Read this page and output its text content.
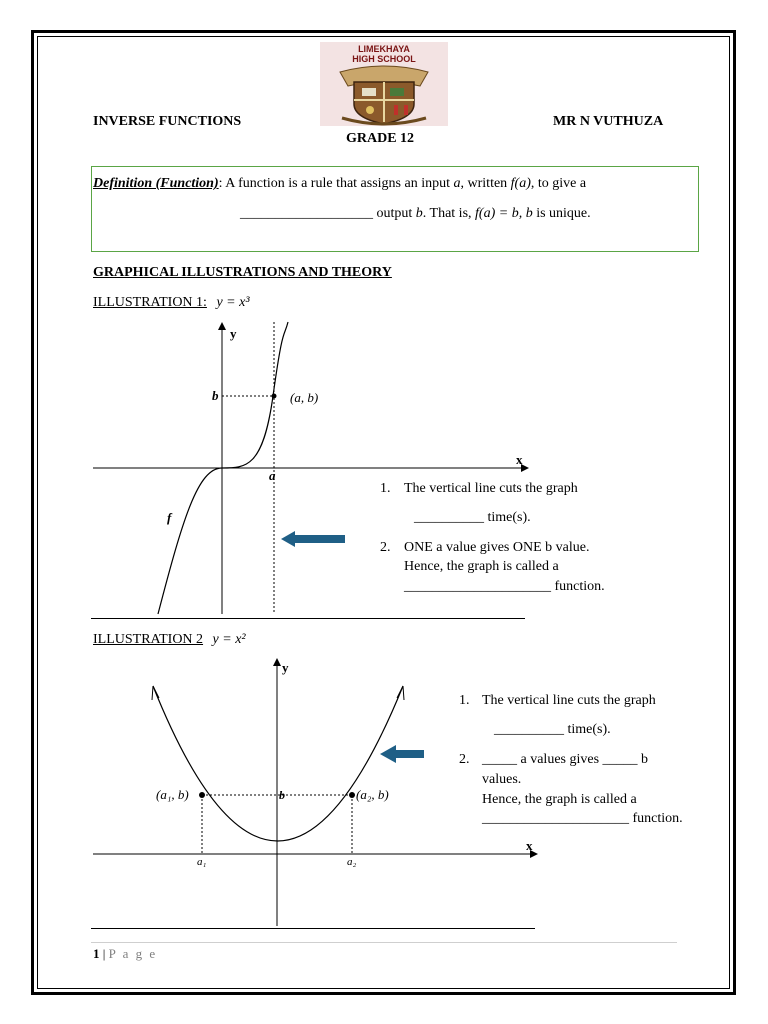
LIMEKHAYA
HIGH SCHOOL
INVERSE FUNCTIONS	MR N VUTHUZA
GRADE 12
Definition (Function): A function is a rule that assigns an input a, written f(a), to give a
___________________ output b. That is, f(a) = b, b is unique.
GRAPHICAL ILLUSTRATIONS AND THEORY
ILLUSTRATION 1: y = x³
y
x
b
a
(a, b)
f
1. The vertical line cuts the graph
__________ time(s).
2. ONE a value gives ONE b value.
Hence, the graph is called a
_____________________ function.
ILLUSTRATION 2 y = x²
y
x
b
a₁	a₂
(a₁, b)	(a₂, b)
1. The vertical line cuts the graph
__________ time(s).
2. _____ a values gives _____ b
values.
Hence, the graph is called a
_____________________ function.
1 | P a g e
